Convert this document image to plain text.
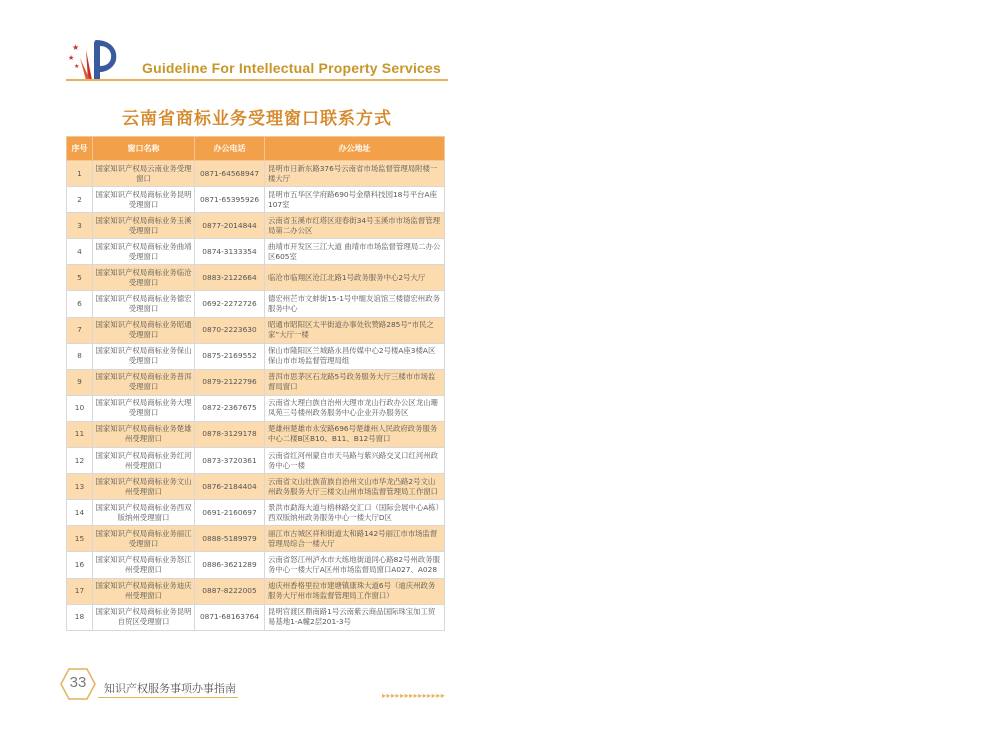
★
★
★	Guideline For Intellectual Property Services
云南省商标业务受理窗口联系方式
序号	窗口名称	办公电话	办公地址
1	国家知识产权局云南业务受理窗口	0871-64568947	昆明市日新东路376号云南省市场监督管理局附楼一楼大厅
2	国家知识产权局商标业务昆明受理窗口	0871-65395926	昆明市五华区学府路690号金鼎科技园18号平台A座107室
3	国家知识产权局商标业务玉溪受理窗口	0877-2014844	云南省玉溪市红塔区迎春街34号玉溪市市场监督管理局第二办公区
4	国家知识产权局商标业务曲靖受理窗口	0874-3133354	曲靖市开发区三江大道 曲靖市市场监督管理局二办公区605室
5	国家知识产权局商标业务临沧受理窗口	0883-2122664	临沧市临翔区沧江北路1号政务服务中心2号大厅
6	国家知识产权局商标业务德宏受理窗口	0692-2272726	德宏州芒市文蚌街15-1号中缅友谊馆三楼德宏州政务服务中心
7	国家知识产权局商标业务昭通受理窗口	0870-2223630	昭通市昭阳区太平街道办事处钦赞路285号“市民之家”大厅一楼
8	国家知识产权局商标业务保山受理窗口	0875-2169552	保山市隆阳区兰城路永昌传媒中心2号楼A座3楼A区保山市市场监督管理局组
9	国家知识产权局商标业务普洱受理窗口	0879-2122796	普洱市思茅区石龙路5号政务服务大厅三楼市市场监督局窗口
10	国家知识产权局商标业务大理受理窗口	0872-2367675	云南省大理白族自治州大理市龙山行政办公区龙山珊凤苑三号楼州政务服务中心企业开办服务区
11	国家知识产权局商标业务楚雄州受理窗口	0878-3129178	楚雄州楚雄市永安路696号楚雄州人民政府政务服务中心二楼B区B10、B11、B12号窗口
12	国家知识产权局商标业务红河州受理窗口	0873-3720361	云南省红河州蒙自市天马路与紫兴路交叉口红河州政务中心一楼
13	国家知识产权局商标业务文山州受理窗口	0876-2184404	云南省文山壮族苗族自治州文山市华龙凸路2号文山州政务服务大厅三楼文山州市场监督管理局工作窗口
14	国家知识产权局商标业务西双版纳州受理窗口	0691-2160697	景洪市勐海大道与榕林路交汇口（国际会展中心A栋）西双版纳州政务服务中心一楼大厅D区
15	国家知识产权局商标业务丽江受理窗口	0888-5189979	丽江市古城区祥和街道太和路142号丽江市市场监督管理局综合一楼大厅
16	国家知识产权局商标业务怒江州受理窗口	0886-3621289	云南省怒江州泸水市大练地街道同心路82号州政务服务中心一楼大厅A区州市场监督局窗口A027、A028
17	国家知识产权局商标业务迪庆州受理窗口	0887-8222005	迪庆州香格里拉市建塘镇康珠大道6号（迪庆州政务服务大厅州市场监督管理局工作窗口）
18	国家知识产权局商标业务昆明自贸区受理窗口	0871-68163764	昆明官渡区鼎南路1号云南紫云商品国际珠宝加工贸易基地1-A幢2层201-3号
33	知识产权服务事项办事指南
▸▸▸▸▸▸▸▸▸▸▸▸▸▸
